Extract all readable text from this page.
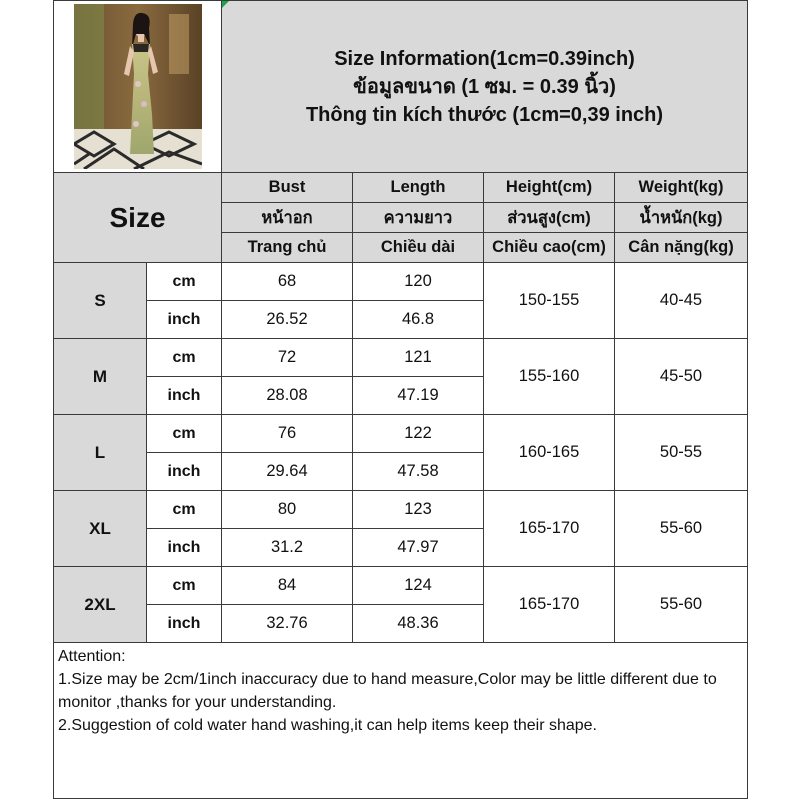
Size Information(1cm=0.39inch)
ข้อมูลขนาด (1 ซม. = 0.39 นิ้ว)
Thông tin kích thước (1cm=0,39 inch)			

Size		Bust	Length	Height(cm)	Weight(kg)
		หน้าอก	ความยาว	ส่วนสูง(cm)	น้ำหนัก(kg)
		Trang chủ	Chiều dài	Chiều cao(cm)	Cân nặng(kg)
S	cm	68	120	150-155	40-45
	inch	26.52	46.8		
M	cm	72	121	155-160	45-50
	inch	28.08	47.19		
L	cm	76	122	160-165	50-55
	inch	29.64	47.58		
XL	cm	80	123	165-170	55-60
	inch	31.2	47.97		
2XL	cm	84	124	165-170	55-60
	inch	32.76	48.36		

Attention:
1.Size may be 2cm/1inch inaccuracy due to hand measure,Color may be little different due to monitor ,thanks for your understanding.
2.Suggestion of cold water hand washing,it can help items keep their shape.					
